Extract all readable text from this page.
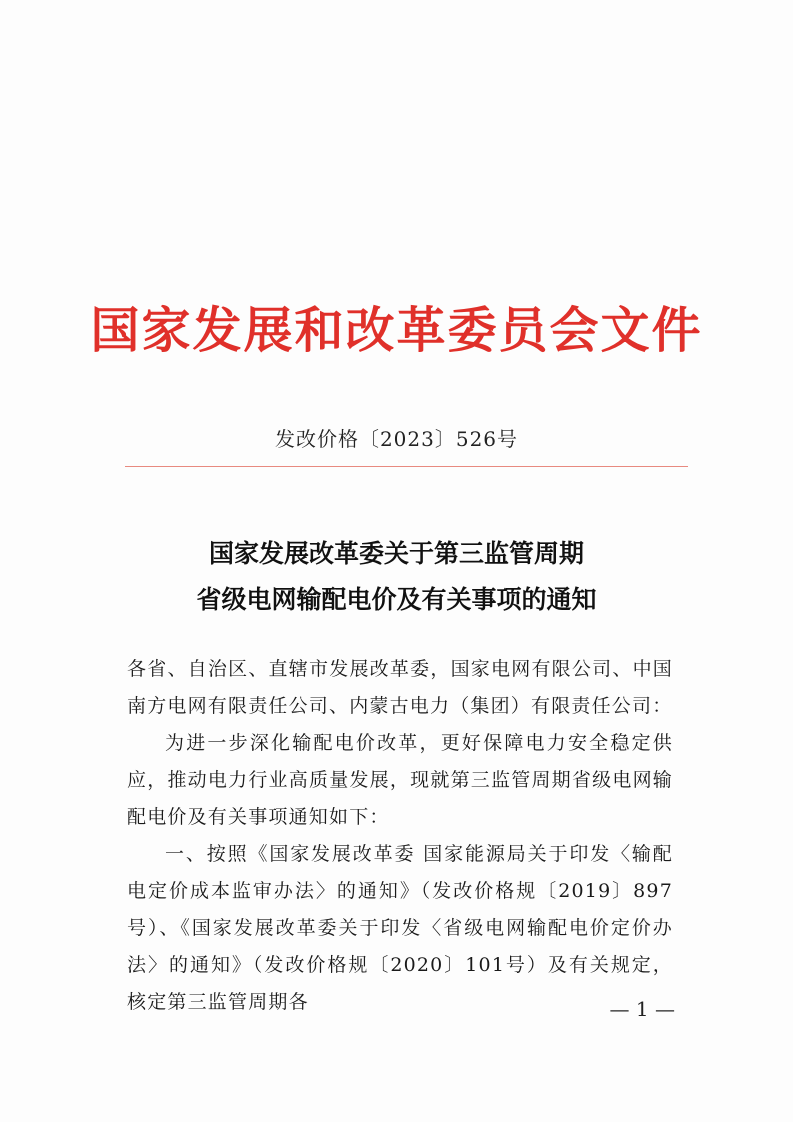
国家发展和改革委员会文件
发改价格〔2023〕526号
国家发展改革委关于第三监管周期
省级电网输配电价及有关事项的通知

各省、自治区、直辖市发展改革委，国家电网有限公司、中国南方电网有限责任公司、内蒙古电力（集团）有限责任公司：

为进一步深化输配电价改革，更好保障电力安全稳定供应，推动电力行业高质量发展，现就第三监管周期省级电网输配电价及有关事项通知如下：

一、按照《国家发展改革委 国家能源局关于印发〈输配电定价成本监审办法〉的通知》（发改价格规〔2019〕897号）、《国家发展改革委关于印发〈省级电网输配电价定价办法〉的通知》（发改价格规〔2020〕101号）及有关规定，核定第三监管周期各	— 1 —
